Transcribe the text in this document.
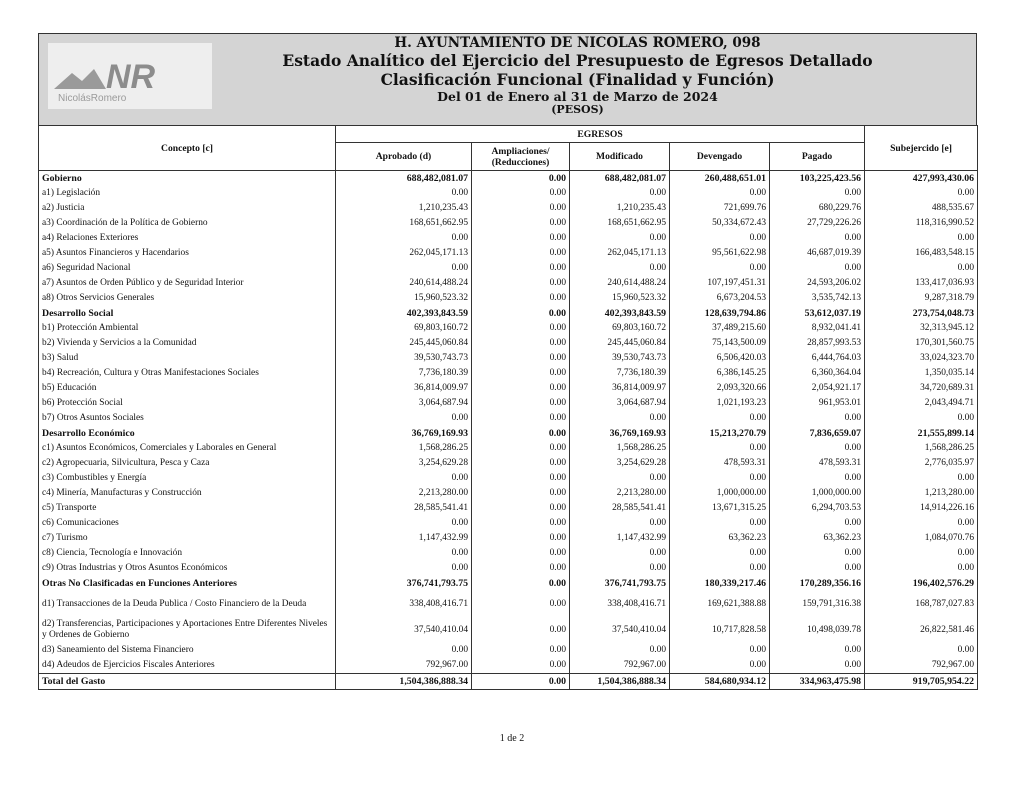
NR
NicolásRomero
H. AYUNTAMIENTO DE NICOLAS ROMERO, 098
Estado Analítico del Ejercicio del Presupuesto de Egresos Detallado
Clasificación Funcional (Finalidad y Función)
Del 01 de Enero al 31 de Marzo de 2024
(PESOS)
Concepto [c]	EGRESOS					Subejercido [e]
	Aprobado (d)	Ampliaciones/ (Reducciones)	Modificado	Devengado	Pagado	
Gobierno	688,482,081.07	0.00	688,482,081.07	260,488,651.01	103,225,423.56	427,993,430.06
a1) Legislación	0.00	0.00	0.00	0.00	0.00	0.00
a2) Justicia	1,210,235.43	0.00	1,210,235.43	721,699.76	680,229.76	488,535.67
a3) Coordinación de la Política de Gobierno	168,651,662.95	0.00	168,651,662.95	50,334,672.43	27,729,226.26	118,316,990.52
a4) Relaciones Exteriores	0.00	0.00	0.00	0.00	0.00	0.00
a5) Asuntos Financieros y Hacendarios	262,045,171.13	0.00	262,045,171.13	95,561,622.98	46,687,019.39	166,483,548.15
a6) Seguridad Nacional	0.00	0.00	0.00	0.00	0.00	0.00
a7) Asuntos de Orden Público y de Seguridad Interior	240,614,488.24	0.00	240,614,488.24	107,197,451.31	24,593,206.02	133,417,036.93
a8) Otros Servicios Generales	15,960,523.32	0.00	15,960,523.32	6,673,204.53	3,535,742.13	9,287,318.79
Desarrollo Social	402,393,843.59	0.00	402,393,843.59	128,639,794.86	53,612,037.19	273,754,048.73
b1) Protección Ambiental	69,803,160.72	0.00	69,803,160.72	37,489,215.60	8,932,041.41	32,313,945.12
b2) Vivienda y Servicios a la Comunidad	245,445,060.84	0.00	245,445,060.84	75,143,500.09	28,857,993.53	170,301,560.75
b3) Salud	39,530,743.73	0.00	39,530,743.73	6,506,420.03	6,444,764.03	33,024,323.70
b4) Recreación, Cultura y Otras Manifestaciones Sociales	7,736,180.39	0.00	7,736,180.39	6,386,145.25	6,360,364.04	1,350,035.14
b5) Educación	36,814,009.97	0.00	36,814,009.97	2,093,320.66	2,054,921.17	34,720,689.31
b6) Protección Social	3,064,687.94	0.00	3,064,687.94	1,021,193.23	961,953.01	2,043,494.71
b7) Otros Asuntos Sociales	0.00	0.00	0.00	0.00	0.00	0.00
Desarrollo Económico	36,769,169.93	0.00	36,769,169.93	15,213,270.79	7,836,659.07	21,555,899.14
c1) Asuntos Económicos, Comerciales y Laborales en General	1,568,286.25	0.00	1,568,286.25	0.00	0.00	1,568,286.25
c2) Agropecuaria, Silvicultura, Pesca y Caza	3,254,629.28	0.00	3,254,629.28	478,593.31	478,593.31	2,776,035.97
c3) Combustibles y Energía	0.00	0.00	0.00	0.00	0.00	0.00
c4) Minería, Manufacturas y Construcción	2,213,280.00	0.00	2,213,280.00	1,000,000.00	1,000,000.00	1,213,280.00
c5) Transporte	28,585,541.41	0.00	28,585,541.41	13,671,315.25	6,294,703.53	14,914,226.16
c6) Comunicaciones	0.00	0.00	0.00	0.00	0.00	0.00
c7) Turismo	1,147,432.99	0.00	1,147,432.99	63,362.23	63,362.23	1,084,070.76
c8) Ciencia, Tecnología e Innovación	0.00	0.00	0.00	0.00	0.00	0.00
c9) Otras Industrias y Otros Asuntos Económicos	0.00	0.00	0.00	0.00	0.00	0.00
Otras No Clasificadas en Funciones Anteriores	376,741,793.75	0.00	376,741,793.75	180,339,217.46	170,289,356.16	196,402,576.29
d1) Transacciones de la Deuda Publica / Costo Financiero de la Deuda	338,408,416.71	0.00	338,408,416.71	169,621,388.88	159,791,316.38	168,787,027.83
d2) Transferencias, Participaciones y Aportaciones Entre Diferentes Niveles y Ordenes de Gobierno	37,540,410.04	0.00	37,540,410.04	10,717,828.58	10,498,039.78	26,822,581.46
d3) Saneamiento del Sistema Financiero	0.00	0.00	0.00	0.00	0.00	0.00
d4) Adeudos de Ejercicios Fiscales Anteriores	792,967.00	0.00	792,967.00	0.00	0.00	792,967.00
Total del Gasto	1,504,386,888.34	0.00	1,504,386,888.34	584,680,934.12	334,963,475.98	919,705,954.22
1 de 2
